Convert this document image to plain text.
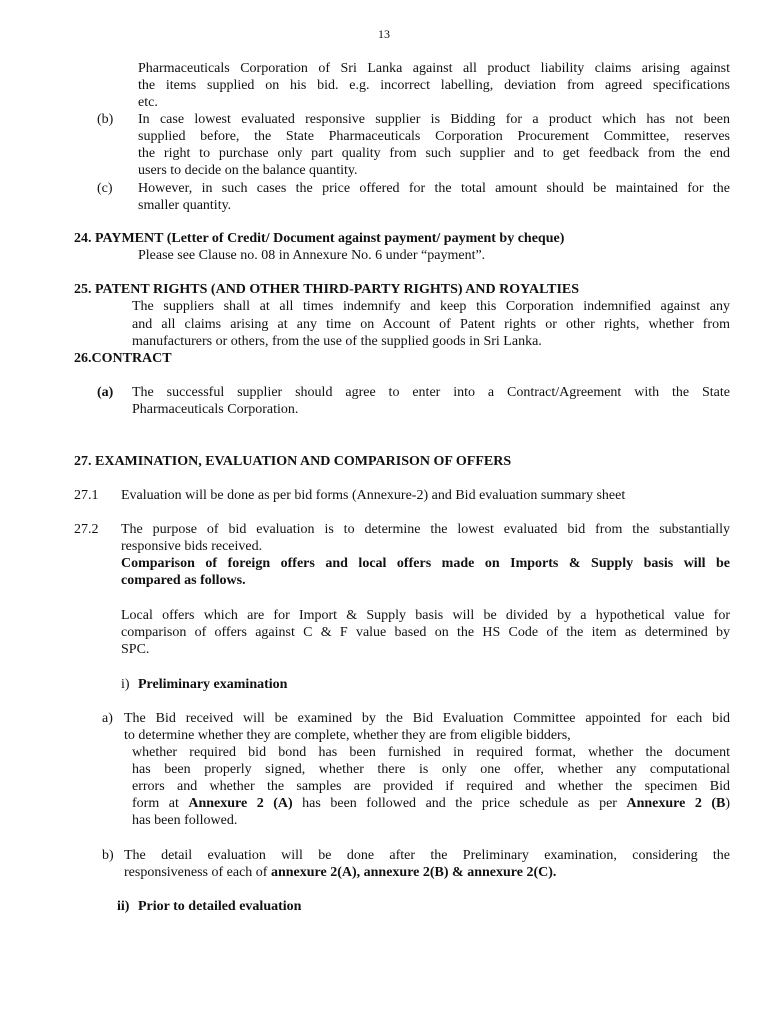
13
Pharmaceuticals Corporation of Sri Lanka against all product liability claims arising against
the items supplied on his bid. e.g. incorrect labelling, deviation from agreed specifications
etc.
(b) In case lowest evaluated responsive supplier is Bidding for a product which has not been
supplied before, the State Pharmaceuticals Corporation Procurement Committee, reserves
the right to purchase only part quality from such supplier and to get feedback from the end
users to decide on the balance quantity.
(c) However, in such cases the price offered for the total amount should be maintained for the
smaller quantity.
24. PAYMENT (Letter of Credit/ Document against payment/ payment by cheque)
Please see Clause no. 08 in Annexure No. 6 under “payment”.
25. PATENT RIGHTS (AND OTHER THIRD-PARTY RIGHTS) AND ROYALTIES
The suppliers shall at all times indemnify and keep this Corporation indemnified against any
and all claims arising at any time on Account of Patent rights or other rights, whether from
manufacturers or others, from the use of the supplied goods in Sri Lanka.
26.CONTRACT
(a) The successful supplier should agree to enter into a Contract/Agreement with the State
Pharmaceuticals Corporation.
27. EXAMINATION, EVALUATION AND COMPARISON OF OFFERS
27.1 Evaluation will be done as per bid forms (Annexure-2) and Bid evaluation summary sheet
27.2 The purpose of bid evaluation is to determine the lowest evaluated bid from the substantially
responsive bids received.
Comparison of foreign offers and local offers made on Imports & Supply basis will be
compared as follows.
Local offers which are for Import & Supply basis will be divided by a hypothetical value for
comparison of offers against C & F value based on the HS Code of the item as determined by
SPC.
i) Preliminary examination
a) The Bid received will be examined by the Bid Evaluation Committee appointed for each bid
to determine whether they are complete, whether they are from eligible bidders,
whether required bid bond has been furnished in required format, whether the document
has been properly signed, whether there is only one offer, whether any computational
errors and whether the samples are provided if required and whether the specimen Bid
form at Annexure 2 (A) has been followed and the price schedule as per Annexure 2 (B)
has been followed.
b) The detail evaluation will be done after the Preliminary examination, considering the
responsiveness of each of annexure 2(A), annexure 2(B) & annexure 2(C).
ii) Prior to detailed evaluation
